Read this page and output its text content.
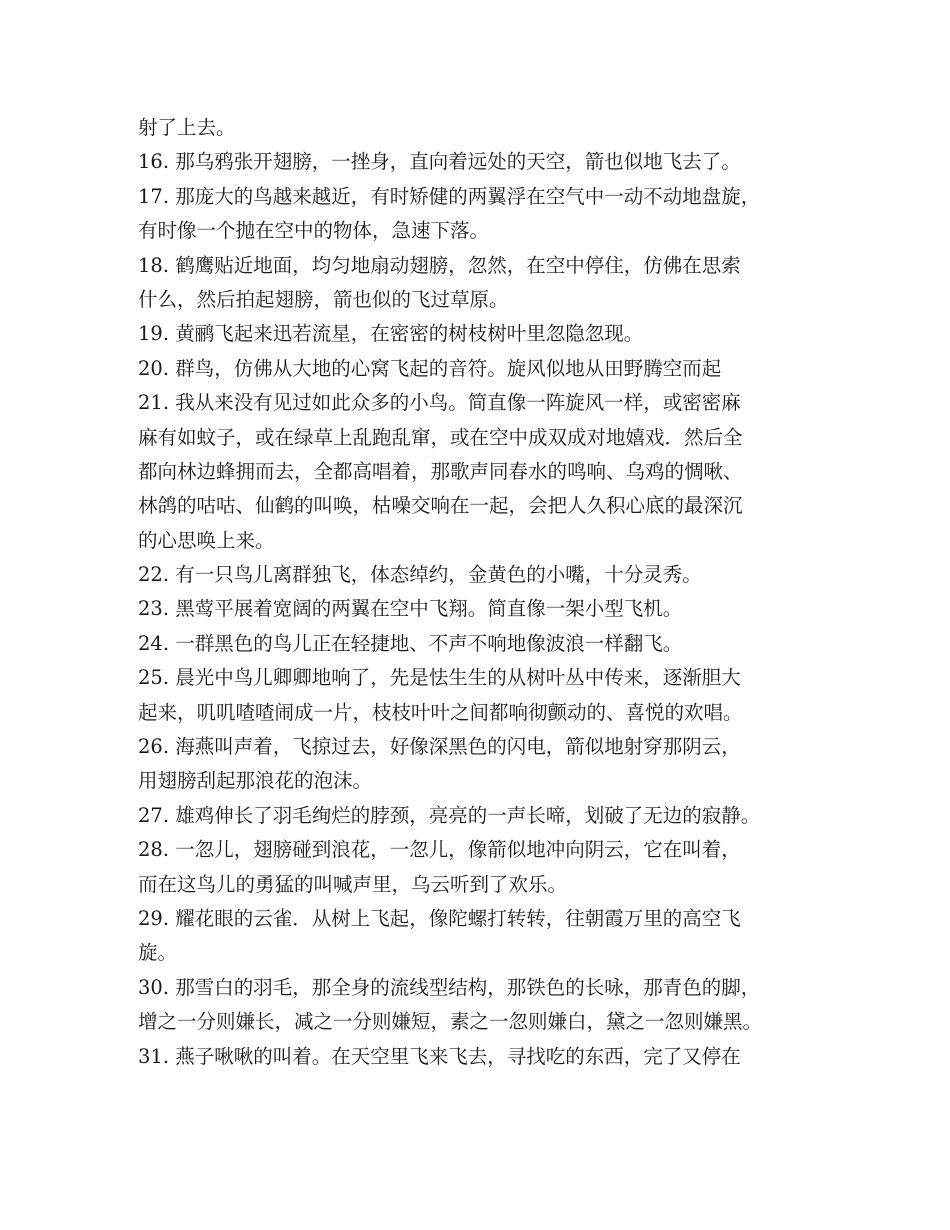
射了上去。
16. 那乌鸦张开翅膀，一挫身，直向着远处的天空，箭也似地飞去了。
17. 那庞大的鸟越来越近，有时矫健的两翼浮在空气中一动不动地盘旋，
有时像一个抛在空中的物体，急速下落。
18. 鹤鹰贴近地面，均匀地扇动翅膀，忽然，在空中停住，仿佛在思索
什么，然后拍起翅膀，箭也似的飞过草原。
19. 黄鹂飞起来迅若流星，在密密的树枝树叶里忽隐忽现。
20. 群鸟，仿佛从大地的心窝飞起的音符。旋风似地从田野腾空而起
21. 我从来没有见过如此众多的小鸟。简直像一阵旋风一样，或密密麻
麻有如蚊子，或在绿草上乱跑乱窜，或在空中成双成对地嬉戏．然后全
都向林边蜂拥而去，全都高唱着，那歌声同春水的鸣响、乌鸡的惆啾、
林鸽的咕咕、仙鹤的叫唤，枯噪交响在一起，会把人久积心底的最深沉
的心思唤上来。
22. 有一只鸟儿离群独飞，体态绰约，金黄色的小嘴，十分灵秀。
23. 黑莺平展着宽阔的两翼在空中飞翔。简直像一架小型飞机。
24. 一群黑色的鸟儿正在轻捷地、不声不响地像波浪一样翻飞。
25. 晨光中鸟儿卿卿地响了，先是怯生生的从树叶丛中传来，逐渐胆大
起来，叽叽喳喳闹成一片，枝枝叶叶之间都响彻颤动的、喜悦的欢唱。
26. 海燕叫声着，飞掠过去，好像深黑色的闪电，箭似地射穿那阴云，
用翅膀刮起那浪花的泡沫。
27. 雄鸡伸长了羽毛绚烂的脖颈，亮亮的一声长啼，划破了无边的寂静。
28. 一忽儿，翅膀碰到浪花，一忽儿，像箭似地冲向阴云，它在叫着，
而在这鸟儿的勇猛的叫喊声里，乌云听到了欢乐。
29. 耀花眼的云雀．从树上飞起，像陀螺打转转，往朝霞万里的高空飞
旋。
30. 那雪白的羽毛，那全身的流线型结构，那铁色的长咏，那青色的脚，
增之一分则嫌长，减之一分则嫌短，素之一忽则嫌白，黛之一忽则嫌黑。
31. 燕子啾啾的叫着。在天空里飞来飞去，寻找吃的东西，完了又停在
